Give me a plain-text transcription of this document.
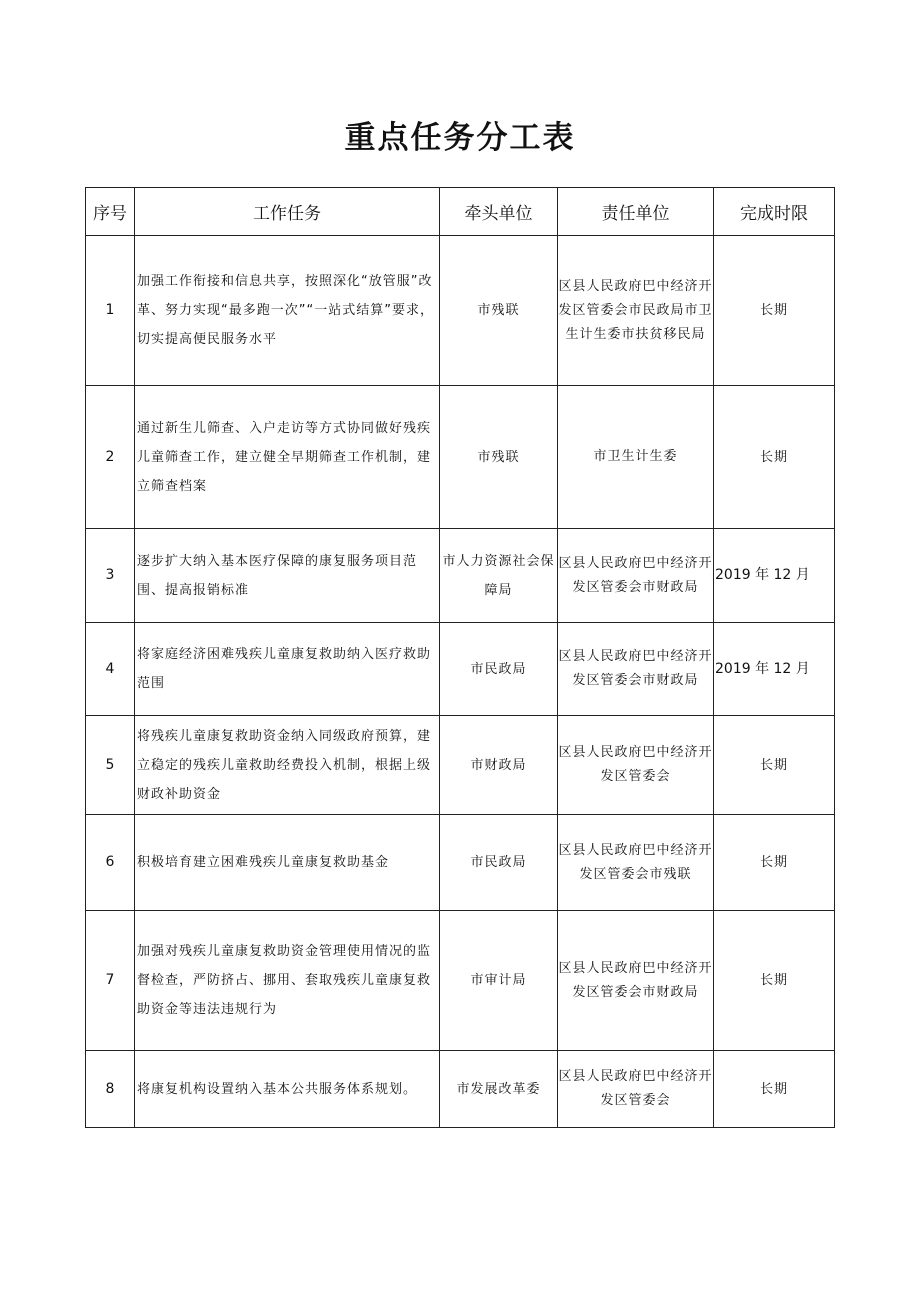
重点任务分工表
序号	工作任务	牵头单位	责任单位	完成时限
1	加强工作衔接和信息共享，按照深化“放管服”改革、努力实现“最多跑一次”“一站式结算”要求，切实提高便民服务水平	市残联	区县人民政府巴中经济开发区管委会市民政局市卫生计生委市扶贫移民局	长期
2	通过新生儿筛查、入户走访等方式协同做好残疾儿童筛查工作，建立健全早期筛查工作机制，建立筛查档案	市残联	市卫生计生委	长期
3	逐步扩大纳入基本医疗保障的康复服务项目范围、提高报销标准	市人力资源社会保障局	区县人民政府巴中经济开发区管委会市财政局	2019 年 12 月
4	将家庭经济困难残疾儿童康复救助纳入医疗救助范围	市民政局	区县人民政府巴中经济开发区管委会市财政局	2019 年 12 月
5	将残疾儿童康复救助资金纳入同级政府预算，建立稳定的残疾儿童救助经费投入机制，根据上级财政补助资金	市财政局	区县人民政府巴中经济开发区管委会	长期
6	积极培育建立困难残疾儿童康复救助基金	市民政局	区县人民政府巴中经济开发区管委会市残联	长期
7	加强对残疾儿童康复救助资金管理使用情况的监督检查，严防挤占、挪用、套取残疾儿童康复救助资金等违法违规行为	市审计局	区县人民政府巴中经济开发区管委会市财政局	长期
8	将康复机构设置纳入基本公共服务体系规划。	市发展改革委	区县人民政府巴中经济开发区管委会	长期
